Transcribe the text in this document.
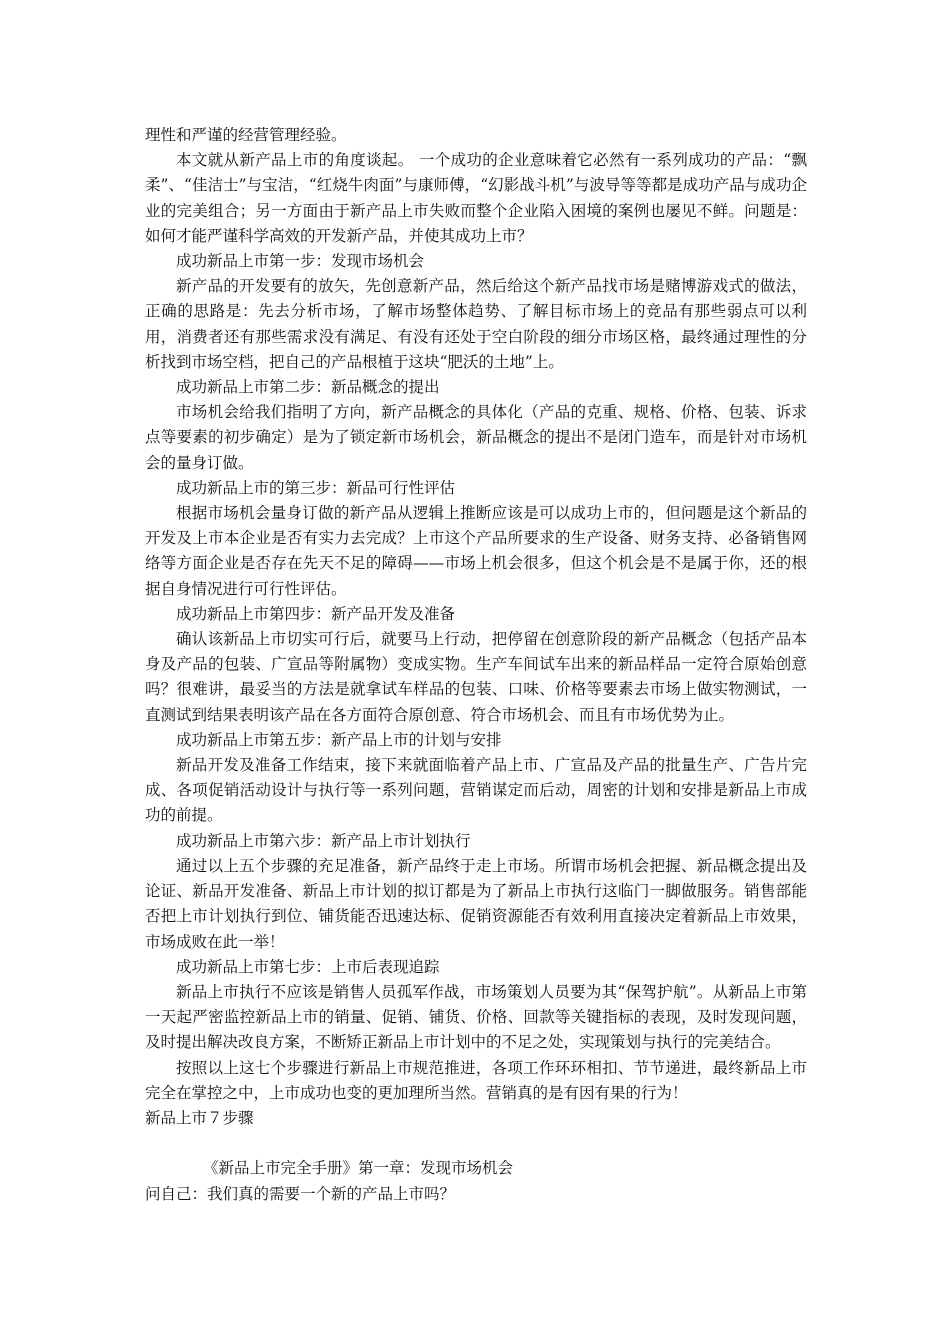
理性和严谨的经营管理经验。

本文就从新产品上市的角度谈起。 一个成功的企业意味着它必然有一系列成功的产品：“飘柔”、“佳洁士”与宝洁，“红烧牛肉面”与康师傅，“幻影战斗机”与波导等等都是成功产品与成功企业的完美组合；另一方面由于新产品上市失败而整个企业陷入困境的案例也屡见不鲜。问题是：如何才能严谨科学高效的开发新产品，并使其成功上市？

成功新品上市第一步：发现市场机会

新产品的开发要有的放矢，先创意新产品，然后给这个新产品找市场是赌博游戏式的做法，正确的思路是：先去分析市场，了解市场整体趋势、了解目标市场上的竞品有那些弱点可以利用，消费者还有那些需求没有满足、有没有还处于空白阶段的细分市场区格，最终通过理性的分析找到市场空档，把自己的产品根植于这块“肥沃的土地”上。

成功新品上市第二步：新品概念的提出

市场机会给我们指明了方向，新产品概念的具体化（产品的克重、规格、价格、包装、诉求点等要素的初步确定）是为了锁定新市场机会，新品概念的提出不是闭门造车，而是针对市场机会的量身订做。

成功新品上市的第三步：新品可行性评估

根据市场机会量身订做的新产品从逻辑上推断应该是可以成功上市的，但问题是这个新品的开发及上市本企业是否有实力去完成？上市这个产品所要求的生产设备、财务支持、必备销售网络等方面企业是否存在先天不足的障碍——市场上机会很多，但这个机会是不是属于你，还的根据自身情况进行可行性评估。

成功新品上市第四步：新产品开发及准备

确认该新品上市切实可行后，就要马上行动，把停留在创意阶段的新产品概念（包括产品本身及产品的包装、广宣品等附属物）变成实物。生产车间试车出来的新品样品一定符合原始创意吗？很难讲，最妥当的方法是就拿试车样品的包装、口味、价格等要素去市场上做实物测试，一直测试到结果表明该产品在各方面符合原创意、符合市场机会、而且有市场优势为止。

成功新品上市第五步：新产品上市的计划与安排

新品开发及准备工作结束，接下来就面临着产品上市、广宣品及产品的批量生产、广告片完成、各项促销活动设计与执行等一系列问题，营销谋定而后动，周密的计划和安排是新品上市成功的前提。

成功新品上市第六步：新产品上市计划执行

通过以上五个步骤的充足准备，新产品终于走上市场。所谓市场机会把握、新品概念提出及论证、新品开发准备、新品上市计划的拟订都是为了新品上市执行这临门一脚做服务。销售部能否把上市计划执行到位、铺货能否迅速达标、促销资源能否有效利用直接决定着新品上市效果，市场成败在此一举！

成功新品上市第七步：上市后表现追踪

新品上市执行不应该是销售人员孤军作战，市场策划人员要为其“保驾护航”。从新品上市第一天起严密监控新品上市的销量、促销、铺货、价格、回款等关键指标的表现，及时发现问题，及时提出解决改良方案，不断矫正新品上市计划中的不足之处，实现策划与执行的完美结合。

按照以上这七个步骤进行新品上市规范推进，各项工作环环相扣、节节递进，最终新品上市完全在掌控之中，上市成功也变的更加理所当然。营销真的是有因有果的行为！

新品上市７步骤

《新品上市完全手册》第一章：发现市场机会

问自己：我们真的需要一个新的产品上市吗？
